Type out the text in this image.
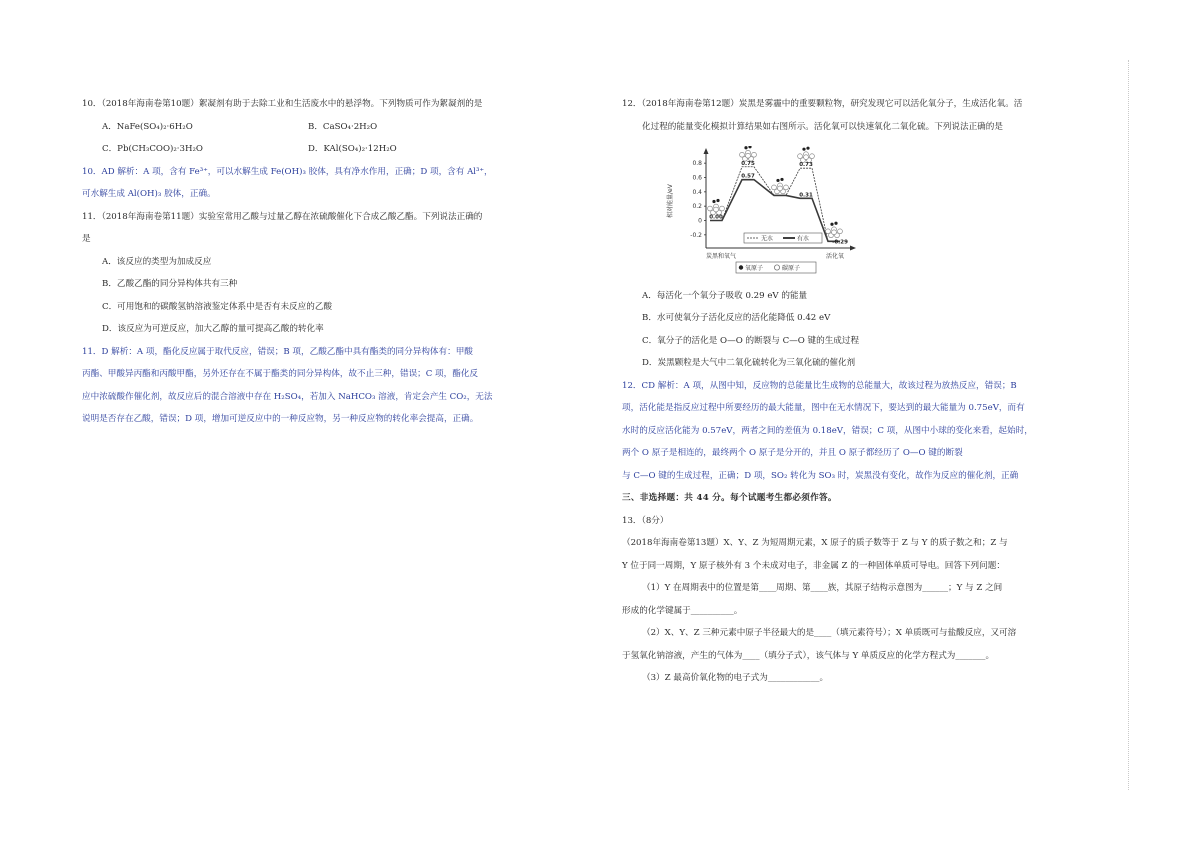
10．（2018年海南卷第10题）絮凝剂有助于去除工业和生活废水中的悬浮物。下列物质可作为絮凝剂的是
A．NaFe(SO₄)₂·6H₂O	B．CaSO₄·2H₂O
C．Pb(CH₃COO)₂·3H₂O	D．KAl(SO₄)₂·12H₂O
10．AD 解析：A 项，含有 Fe³⁺，可以水解生成 Fe(OH)₃ 胶体，具有净水作用，正确；D 项，含有 Al³⁺，
可水解生成 Al(OH)₃ 胶体，正确。
11．（2018年海南卷第11题）实验室常用乙酸与过量乙醇在浓硫酸催化下合成乙酸乙酯。下列说法正确的
是
A．该反应的类型为加成反应
B．乙酸乙酯的同分异构体共有三种
C．可用饱和的碳酸氢钠溶液鉴定体系中是否有未反应的乙酸
D．该反应为可逆反应，加大乙醇的量可提高乙酸的转化率
11．D 解析：A 项，酯化反应属于取代反应，错误；B 项，乙酸乙酯中具有酯类的同分异构体有：甲酸
丙酯、甲酸异丙酯和丙酸甲酯，另外还存在不属于酯类的同分异构体，故不止三种，错误；C 项，酯化反
应中浓硫酸作催化剂，故反应后的混合溶液中存在 H₂SO₄，若加入 NaHCO₃ 溶液，肯定会产生 CO₂，无法
说明是否存在乙酸，错误；D 项，增加可逆反应中的一种反应物，另一种反应物的转化率会提高，正确。
12．（2018年海南卷第12题）炭黑是雾霾中的重要颗粒物，研究发现它可以活化氧分子，生成活化氧。活
化过程的能量变化模拟计算结果如右图所示。活化氧可以快速氧化二氧化硫。下列说法正确的是
A．每活化一个氧分子吸收 0.29 eV 的能量
B．水可使氧分子活化反应的活化能降低 0.42 eV
C．氧分子的活化是 O—O 的断裂与 C—O 键的生成过程
D．炭黑颗粒是大气中二氧化硫转化为三氧化硫的催化剂
12．CD 解析：A 项，从图中知，反应物的总能量比生成物的总能量大，故该过程为放热反应，错误；B
项，活化能是指反应过程中所要经历的最大能量，图中在无水情况下，要达到的最大能量为 0.75eV，而有
水时的反应活化能为 0.57eV，两者之间的差值为 0.18eV，错误；C 项，从图中小球的变化来看，起始时，
两个 O 原子是相连的，最终两个 O 原子是分开的，并且 O 原子都经历了 O—O 键的断裂
与 C—O 键的生成过程，正确；D 项，SO₂ 转化为 SO₃ 时，炭黑没有变化，故作为反应的催化剂，正确
三、非选择题：共 44 分。每个试题考生都必须作答。
13．（8分）
（2018年海南卷第13题）X、Y、Z 为短周期元素，X 原子的质子数等于 Z 与 Y 的质子数之和；Z 与
Y 位于同一周期，Y 原子核外有 3 个未成对电子，非金属 Z 的一种固体单质可导电。回答下列问题：
（1）Y 在周期表中的位置是第____周期、第____族，其原子结构示意图为______；Y 与 Z 之间
形成的化学键属于__________。
（2）X、Y、Z 三种元素中原子半径最大的是____（填元素符号）；X 单质既可与盐酸反应，又可溶
于氢氧化钠溶液，产生的气体为____（填分子式），该气体与 Y 单质反应的化学方程式为_______。
（3）Z 最高价氧化物的电子式为____________。
相对能量/eV
0.8
0.6
0.4
0.2
0
-0.2
0.00
0.75
0.57
0.73
0.31
-0.29
无水	有水
炭黑和氧气	活化氧
氧原子	碳原子
